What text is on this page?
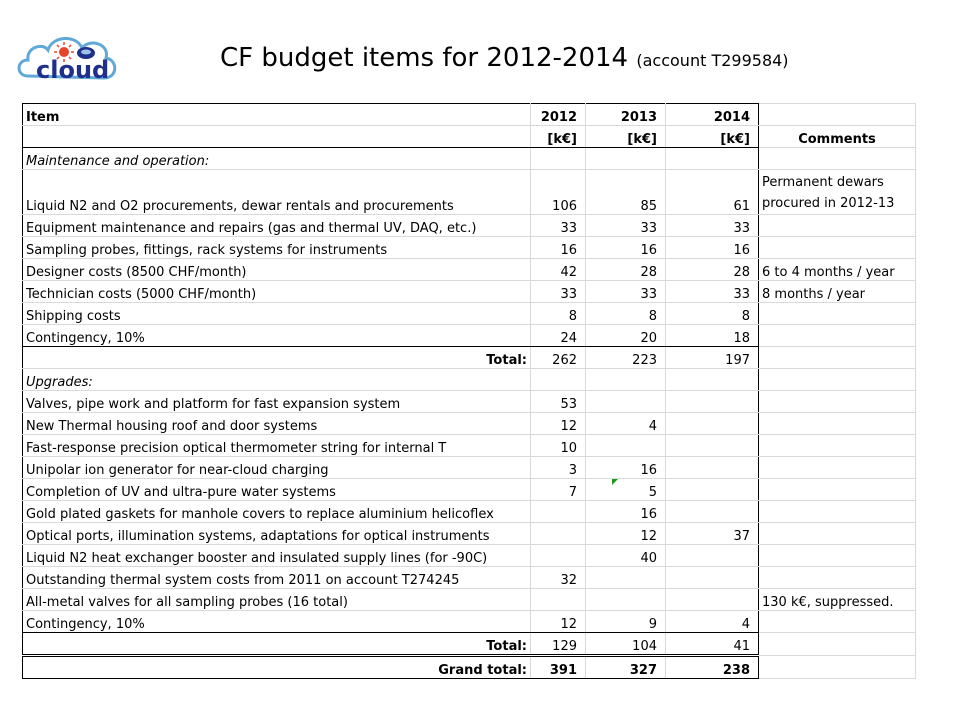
cloud	CF budget items for 2012-2014 (account T299584)
Item	2012	2013	2014	
	[k€]	[k€]	[k€]	Comments
Maintenance and operation:				
Liquid N2 and O2 procurements, dewar rentals and procurements	106	85	61	Permanent dewars procured in 2012-13
Equipment maintenance and repairs (gas and thermal UV, DAQ, etc.)	33	33	33	
Sampling probes, fittings, rack systems for instruments	16	16	16	
Designer costs (8500 CHF/month)	42	28	28	6 to 4 months / year
Technician costs (5000 CHF/month)	33	33	33	8 months / year
Shipping costs	8	8	8	
Contingency, 10%	24	20	18	
Total:	262	223	197	
Upgrades:				
Valves, pipe work and platform for fast expansion system	53			
New Thermal housing roof and door systems	12	4		
Fast-response precision optical thermometer string for internal T	10			
Unipolar ion generator for near-cloud charging	3	16		
Completion of UV and ultra-pure water systems	7	5		
Gold plated gaskets for manhole covers to replace aluminium helicoflex		16		
Optical ports, illumination systems, adaptations for optical instruments		12	37	
Liquid N2 heat exchanger booster and insulated supply lines (for -90C)		40		
Outstanding thermal system costs from 2011 on account T274245	32			
All-metal valves for all sampling probes (16 total)				130 k€, suppressed.
Contingency, 10%	12	9	4	
Total:	129	104	41	
Grand total:	391	327	238	
